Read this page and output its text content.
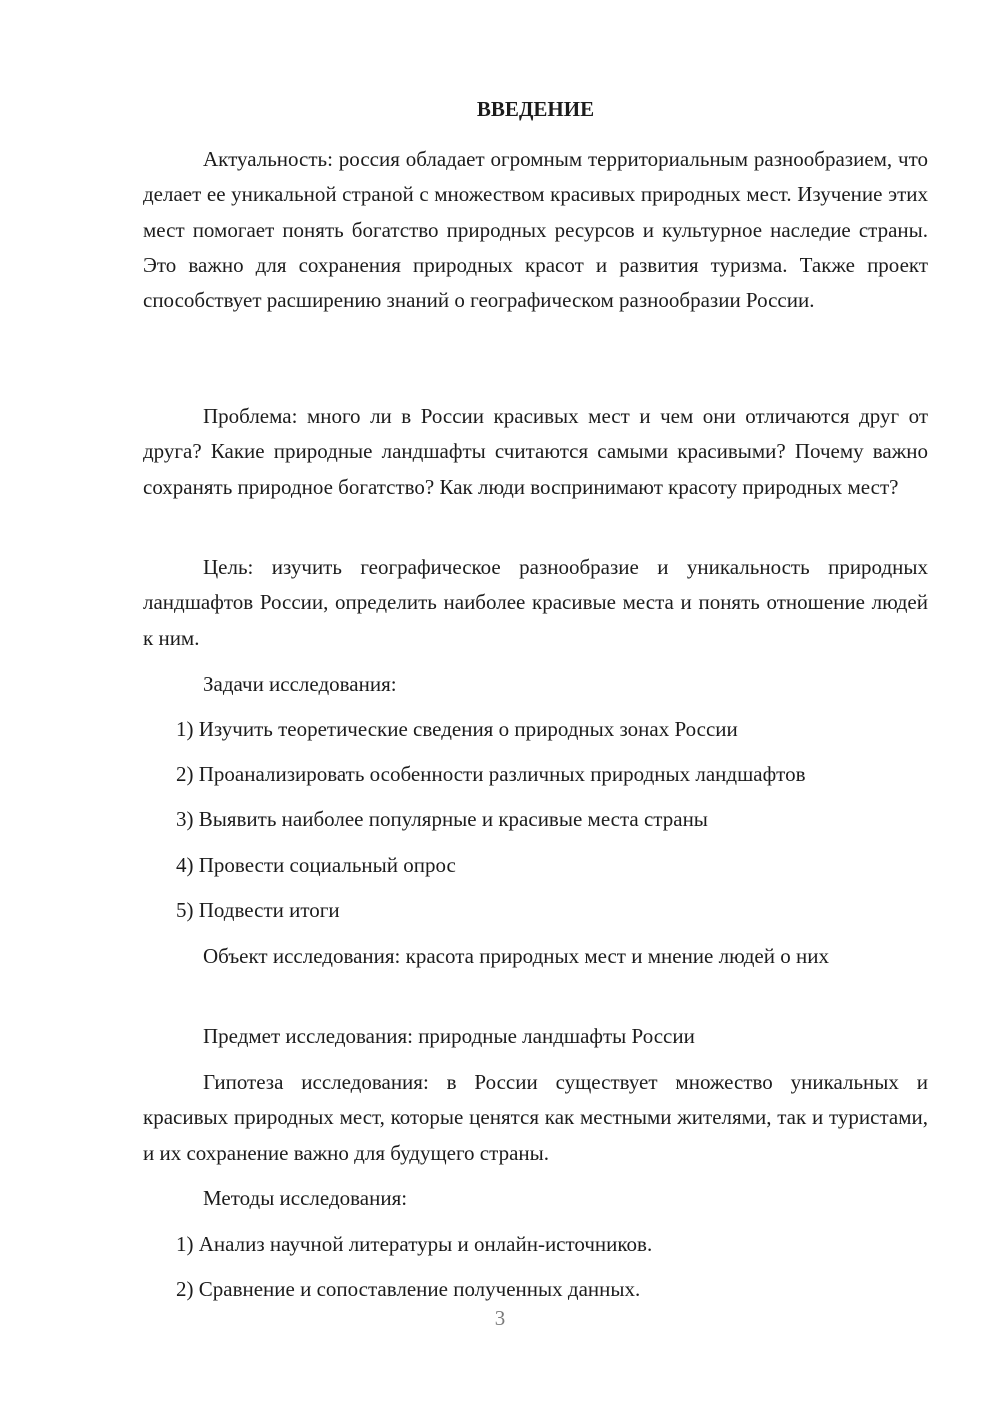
ВВЕДЕНИЕ

Актуальность: россия обладает огромным территориальным разнообразием, что делает ее уникальной страной с множеством красивых природных мест. Изучение этих мест помогает понять богатство природных ресурсов и культурное наследие страны. Это важно для сохранения природных красот и развития туризма. Также проект способствует расширению знаний о географическом разнообразии России.

Проблема: много ли в России красивых мест и чем они отличаются друг от друга? Какие природные ландшафты считаются самыми красивыми? Почему важно сохранять природное богатство? Как люди воспринимают красоту природных мест?

Цель: изучить географическое разнообразие и уникальность природных ландшафтов России, определить наиболее красивые места и понять отношение людей к ним.

Задачи исследования:

1) Изучить теоретические сведения о природных зонах России

2) Проанализировать особенности различных природных ландшафтов

3) Выявить наиболее популярные и красивые места страны

4) Провести социальный опрос

5) Подвести итоги

Объект исследования: красота природных мест и мнение людей о них

Предмет исследования: природные ландшафты России

Гипотеза исследования: в России существует множество уникальных и красивых природных мест, которые ценятся как местными жителями, так и туристами, и их сохранение важно для будущего страны.

Методы исследования:

1) Анализ научной литературы и онлайн-источников.

2) Сравнение и сопоставление полученных данных.

3
